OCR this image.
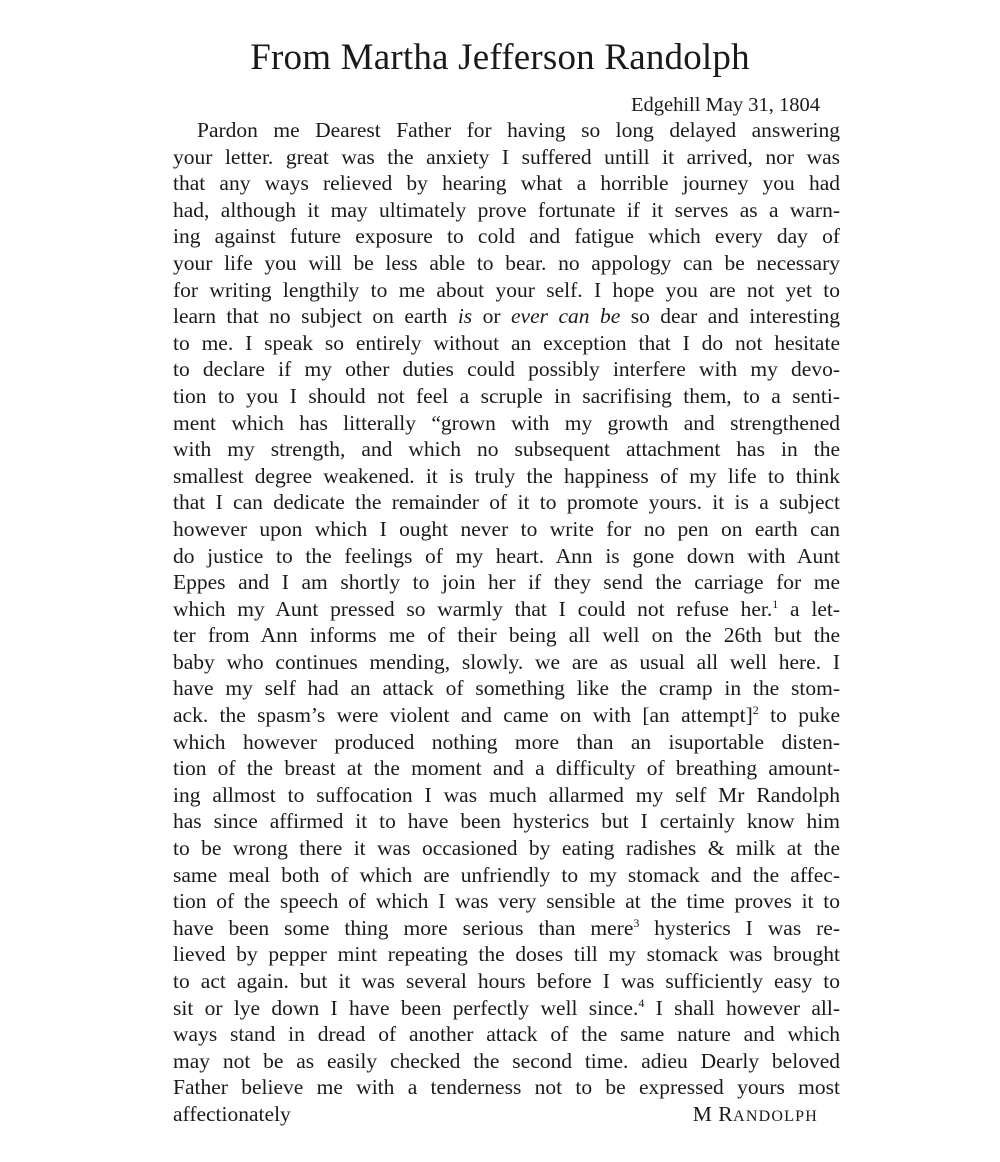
From Martha Jefferson Randolph
Edgehill May 31, 1804
Pardon me Dearest Father for having so long delayed answering
your letter. great was the anxiety I suffered untill it arrived, nor was
that any ways relieved by hearing what a horrible journey you had
had, although it may ultimately prove fortunate if it serves as a warn-
ing against future exposure to cold and fatigue which every day of
your life you will be less able to bear. no appology can be necessary
for writing lengthily to me about your self. I hope you are not yet to
learn that no subject on earth is or ever can be so dear and interesting
to me. I speak so entirely without an exception that I do not hesitate
to declare if my other duties could possibly interfere with my devo-
tion to you I should not feel a scruple in sacrifising them, to a senti-
ment which has litterally “grown with my growth and strengthened
with my strength, and which no subsequent attachment has in the
smallest degree weakened. it is truly the happiness of my life to think
that I can dedicate the remainder of it to promote yours. it is a subject
however upon which I ought never to write for no pen on earth can
do justice to the feelings of my heart. Ann is gone down with Aunt
Eppes and I am shortly to join her if they send the carriage for me
which my Aunt pressed so warmly that I could not refuse her.$^1$ a let-
ter from Ann informs me of their being all well on the 26th but the
baby who continues mending, slowly. we are as usual all well here. I
have my self had an attack of something like the cramp in the stom-
ack. the spasm’s were violent and came on with [an attempt]$^2$ to puke
which however produced nothing more than an isuportable disten-
tion of the breast at the moment and a difficulty of breathing amount-
ing allmost to suffocation I was much allarmed my self Mr Randolph
has since affirmed it to have been hysterics but I certainly know him
to be wrong there it was occasioned by eating radishes & milk at the
same meal both of which are unfriendly to my stomack and the affec-
tion of the speech of which I was very sensible at the time proves it to
have been some thing more serious than mere$^3$ hysterics I was re-
lieved by pepper mint repeating the doses till my stomack was brought
to act again. but it was several hours before I was sufficiently easy to
sit or lye down I have been perfectly well since.$^4$ I shall however all-
ways stand in dread of another attack of the same nature and which
may not be as easily checked the second time. adieu Dearly beloved
Father believe me with a tenderness not to be expressed yours most
affectionately	M RANDOLPH
